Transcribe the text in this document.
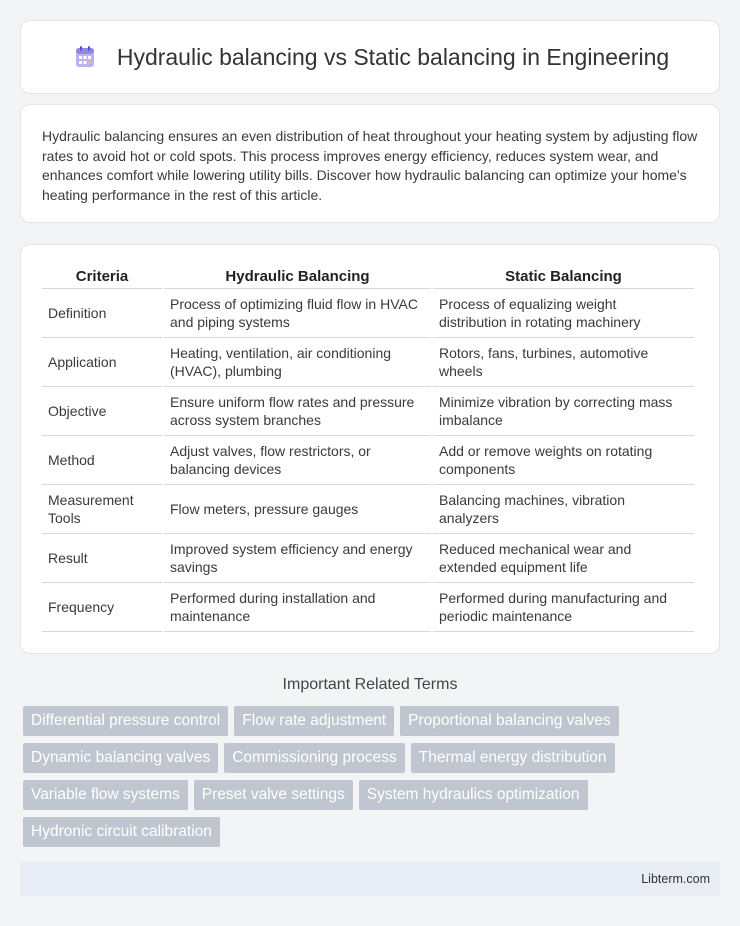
Hydraulic balancing vs Static balancing in Engineering

Hydraulic balancing ensures an even distribution of heat throughout your heating system by adjusting flow rates to avoid hot or cold spots. This process improves energy efficiency, reduces system wear, and enhances comfort while lowering utility bills. Discover how hydraulic balancing can optimize your home's heating performance in the rest of this article.

Criteria	Hydraulic Balancing	Static Balancing
Definition	Process of optimizing fluid flow in HVAC and piping systems	Process of equalizing weight distribution in rotating machinery
Application	Heating, ventilation, air conditioning (HVAC), plumbing	Rotors, fans, turbines, automotive wheels
Objective	Ensure uniform flow rates and pressure across system branches	Minimize vibration by correcting mass imbalance
Method	Adjust valves, flow restrictors, or balancing devices	Add or remove weights on rotating components
Measurement Tools	Flow meters, pressure gauges	Balancing machines, vibration analyzers
Result	Improved system efficiency and energy savings	Reduced mechanical wear and extended equipment life
Frequency	Performed during installation and maintenance	Performed during manufacturing and periodic maintenance
Important Related Terms
Differential pressure control	Flow rate adjustment	Proportional balancing valves
Dynamic balancing valves	Commissioning process	Thermal energy distribution
Variable flow systems	Preset valve settings	System hydraulics optimization
Hydronic circuit calibration
Libterm.com
